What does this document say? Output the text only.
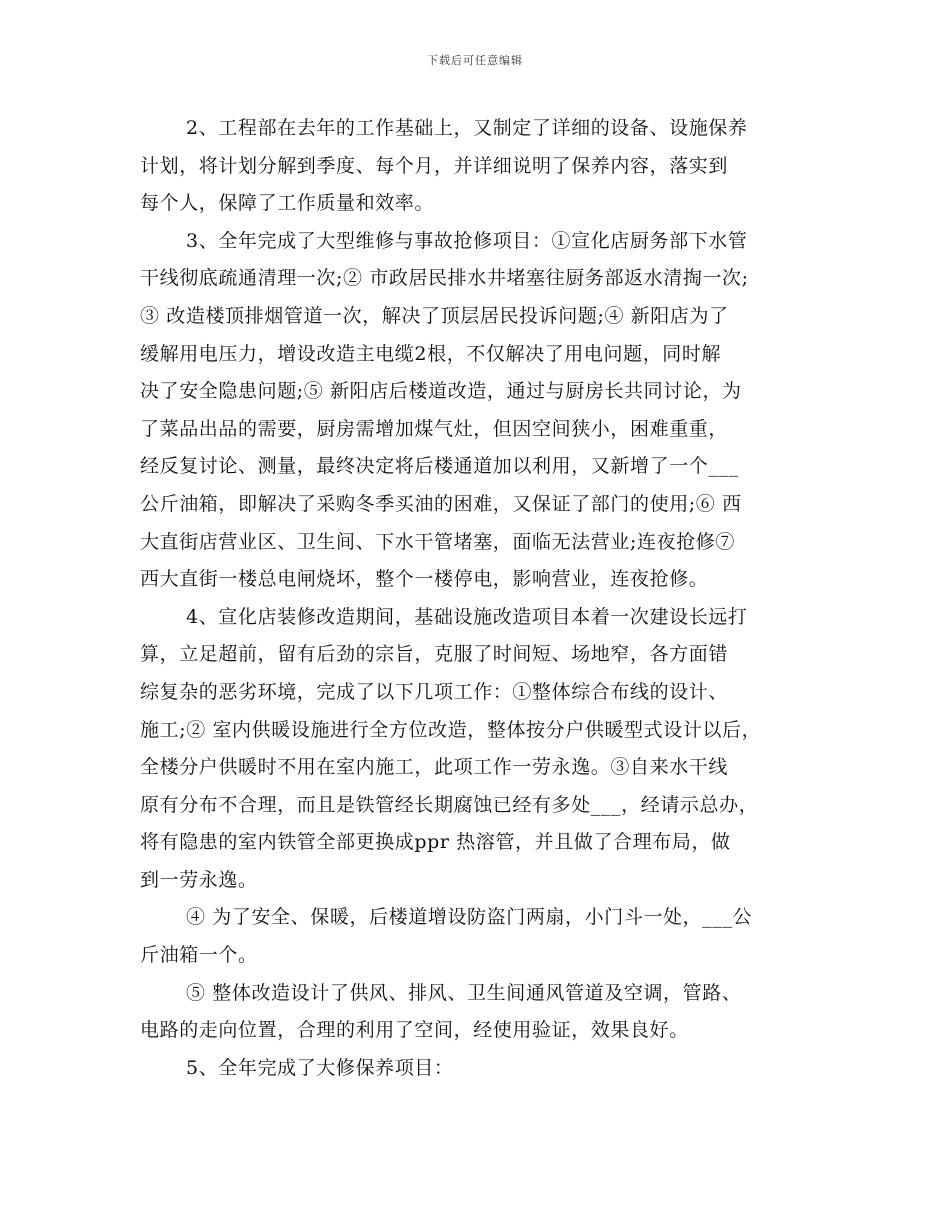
下载后可任意编辑
2、工程部在去年的工作基础上，又制定了详细的设备、设施保养
计划，将计划分解到季度、每个月，并详细说明了保养内容，落实到
每个人，保障了工作质量和效率。
3、全年完成了大型维修与事故抢修项目：①宣化店厨务部下水管
干线彻底疏通清理一次;② 市政居民排水井堵塞往厨务部返水清掏一次;
③ 改造楼顶排烟管道一次，解决了顶层居民投诉问题;④ 新阳店为了
缓解用电压力，增设改造主电缆2根，不仅解决了用电问题，同时解
决了安全隐患问题;⑤ 新阳店后楼道改造，通过与厨房长共同讨论，为
了菜品出品的需要，厨房需增加煤气灶，但因空间狭小，困难重重，
经反复讨论、测量，最终决定将后楼通道加以利用，又新增了一个___
公斤油箱，即解决了采购冬季买油的困难，又保证了部门的使用;⑥ 西
大直街店营业区、卫生间、下水干管堵塞，面临无法营业;连夜抢修⑦
西大直街一楼总电闸烧坏，整个一楼停电，影响营业，连夜抢修。
4、宣化店装修改造期间，基础设施改造项目本着一次建设长远打
算，立足超前，留有后劲的宗旨，克服了时间短、场地窄，各方面错
综复杂的恶劣环境，完成了以下几项工作：①整体综合布线的设计、
施工;② 室内供暖设施进行全方位改造，整体按分户供暖型式设计以后，
全楼分户供暖时不用在室内施工，此项工作一劳永逸。③自来水干线
原有分布不合理，而且是铁管经长期腐蚀已经有多处___，经请示总办，
将有隐患的室内铁管全部更换成ppr 热溶管，并且做了合理布局，做
到一劳永逸。
④ 为了安全、保暖，后楼道增设防盗门两扇，小门斗一处，___公
斤油箱一个。
⑤ 整体改造设计了供风、排风、卫生间通风管道及空调，管路、
电路的走向位置，合理的利用了空间，经使用验证，效果良好。
5、全年完成了大修保养项目：
